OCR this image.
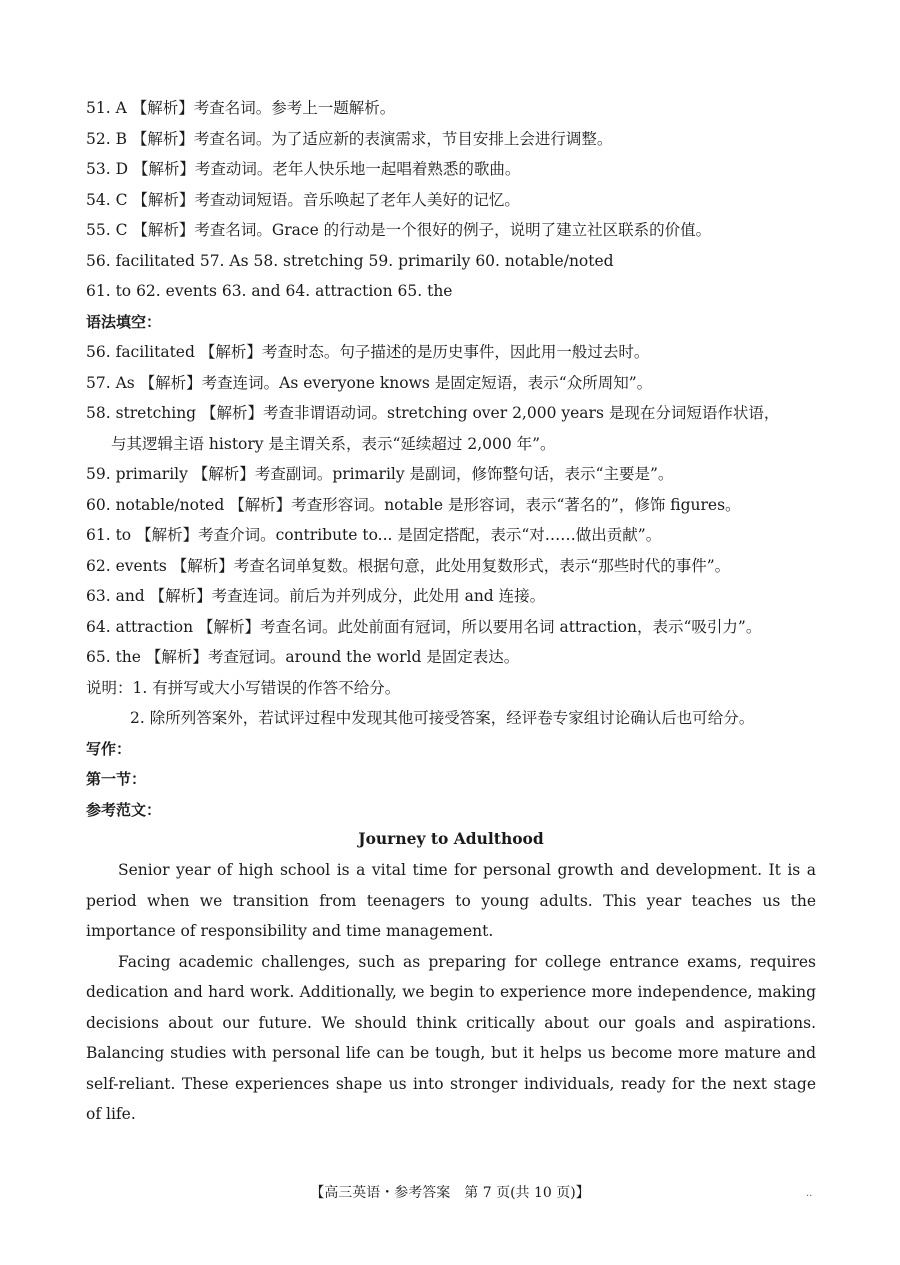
51. A 【解析】考查名词。参考上一题解析。
52. B 【解析】考查名词。为了适应新的表演需求，节目安排上会进行调整。
53. D 【解析】考查动词。老年人快乐地一起唱着熟悉的歌曲。
54. C 【解析】考查动词短语。音乐唤起了老年人美好的记忆。
55. C 【解析】考查名词。Grace 的行动是一个很好的例子，说明了建立社区联系的价值。
56. facilitated 57. As 58. stretching 59. primarily 60. notable/noted
61. to 62. events 63. and 64. attraction 65. the
语法填空：
56. facilitated 【解析】考查时态。句子描述的是历史事件，因此用一般过去时。
57. As 【解析】考查连词。As everyone knows 是固定短语，表示“众所周知”。
58. stretching 【解析】考查非谓语动词。stretching over 2,000 years 是现在分词短语作状语，
与其逻辑主语 history 是主谓关系，表示“延续超过 2,000 年”。
59. primarily 【解析】考查副词。primarily 是副词，修饰整句话，表示“主要是”。
60. notable/noted 【解析】考查形容词。notable 是形容词，表示“著名的”，修饰 figures。
61. to 【解析】考查介词。contribute to... 是固定搭配，表示“对……做出贡献”。
62. events 【解析】考查名词单复数。根据句意，此处用复数形式，表示“那些时代的事件”。
63. and 【解析】考查连词。前后为并列成分，此处用 and 连接。
64. attraction 【解析】考查名词。此处前面有冠词，所以要用名词 attraction，表示“吸引力”。
65. the 【解析】考查冠词。around the world 是固定表达。
说明：1. 有拼写或大小写错误的作答不给分。
2. 除所列答案外，若试评过程中发现其他可接受答案，经评卷专家组讨论确认后也可给分。
写作：
第一节：
参考范文：
Journey to Adulthood

Senior year of high school is a vital time for personal growth and development. It is a period when we transition from teenagers to young adults. This year teaches us the importance of responsibility and time management.

Facing academic challenges, such as preparing for college entrance exams, requires dedication and hard work. Additionally, we begin to experience more independence, making decisions about our future. We should think critically about our goals and aspirations. Balancing studies with personal life can be tough, but it helps us become more mature and self-reliant. These experiences shape us into stronger individuals, ready for the next stage of life.

【高三英语・参考答案　第 7 页(共 10 页)】	..
